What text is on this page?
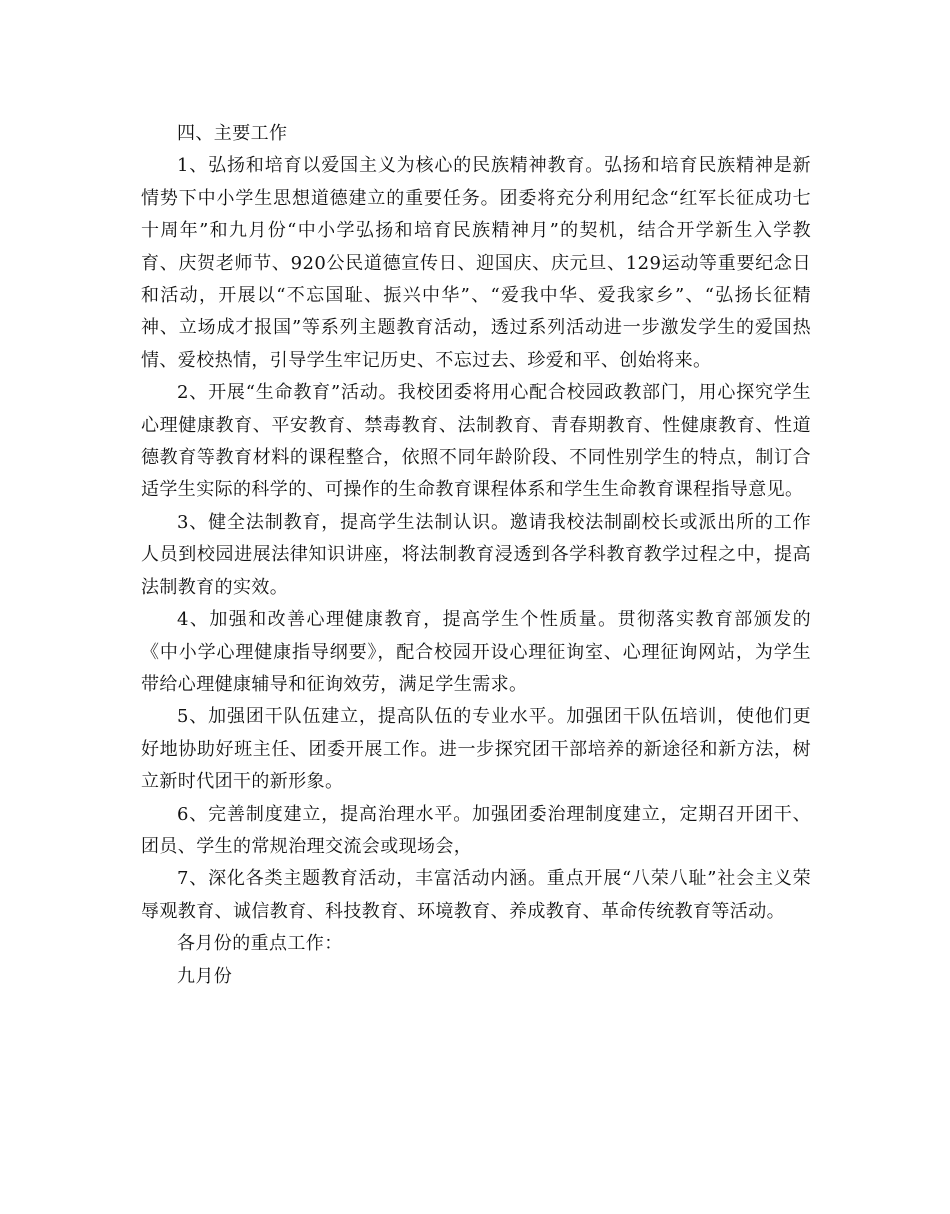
四、主要工作

1、弘扬和培育以爱国主义为核心的民族精神教育。弘扬和培育民族精神是新情势下中小学生思想道德建立的重要任务。团委将充分利用纪念“红军长征成功七十周年”和九月份“中小学弘扬和培育民族精神月”的契机，结合开学新生入学教育、庆贺老师节、920公民道德宣传日、迎国庆、庆元旦、129运动等重要纪念日和活动，开展以“不忘国耻、振兴中华”、“爱我中华、爱我家乡”、“弘扬长征精神、立场成才报国”等系列主题教育活动，透过系列活动进一步激发学生的爱国热情、爱校热情，引导学生牢记历史、不忘过去、珍爱和平、创始将来。

2、开展“生命教育”活动。我校团委将用心配合校园政教部门，用心探究学生心理健康教育、平安教育、禁毒教育、法制教育、青春期教育、性健康教育、性道德教育等教育材料的课程整合，依照不同年龄阶段、不同性别学生的特点，制订合适学生实际的科学的、可操作的生命教育课程体系和学生生命教育课程指导意见。

3、健全法制教育，提高学生法制认识。邀请我校法制副校长或派出所的工作人员到校园进展法律知识讲座，将法制教育浸透到各学科教育教学过程之中，提高法制教育的实效。

4、加强和改善心理健康教育，提高学生个性质量。贯彻落实教育部颁发的《中小学心理健康指导纲要》，配合校园开设心理征询室、心理征询网站，为学生带给心理健康辅导和征询效劳，满足学生需求。

5、加强团干队伍建立，提高队伍的专业水平。加强团干队伍培训，使他们更好地协助好班主任、团委开展工作。进一步探究团干部培养的新途径和新方法，树立新时代团干的新形象。

6、完善制度建立，提高治理水平。加强团委治理制度建立，定期召开团干、团员、学生的常规治理交流会或现场会，

7、深化各类主题教育活动，丰富活动内涵。重点开展“八荣八耻”社会主义荣辱观教育、诚信教育、科技教育、环境教育、养成教育、革命传统教育等活动。

各月份的重点工作：

九月份
